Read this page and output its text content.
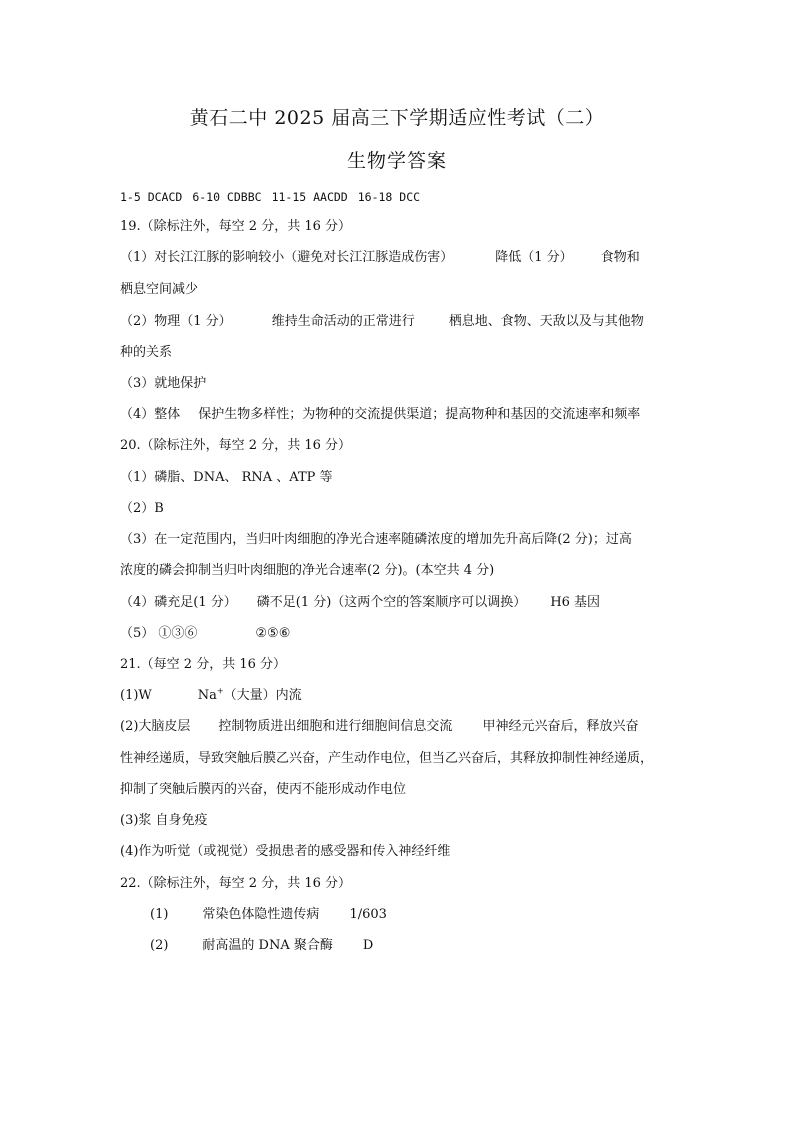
黄石二中 2025 届高三下学期适应性考试（二）
生物学答案
1-5 DCACD 6-10 CDBBC 11-15 AACDD 16-18 DCC
19.（除标注外，每空 2 分，共 16 分）
（1）对长江江豚的影响较小（避免对长江江豚造成伤害）	降低（1 分） 食物和
栖息空间减少
（2）物理（1 分）	维持生命活动的正常进行	栖息地、食物、天敌以及与其他物
种的关系
（3）就地保护
（4）整体 保护生物多样性；为物种的交流提供渠道；提高物种和基因的交流速率和频率
20.（除标注外，每空 2 分，共 16 分）
（1）磷脂、DNA、 RNA 、ATP 等
（2）B
（3）在一定范围内，当归叶肉细胞的净光合速率随磷浓度的增加先升高后降(2 分)；过高
浓度的磷会抑制当归叶肉细胞的净光合速率(2 分)。(本空共 4 分)
（4）磷充足(1 分） 磷不足(1 分)（这两个空的答案顺序可以调换） H6 基因
（5） ①③⑥	②⑤⑥
21.（每空 2 分，共 16 分）
(1)W	Na+（大量）内流
(2)大脑皮层 控制物质进出细胞和进行细胞间信息交流 甲神经元兴奋后，释放兴奋
性神经递质，导致突触后膜乙兴奋，产生动作电位，但当乙兴奋后，其释放抑制性神经递质，
抑制了突触后膜丙的兴奋，使丙不能形成动作电位
(3)浆 自身免疫
(4)作为听觉（或视觉）受损患者的感受器和传入神经纤维
22.（除标注外，每空 2 分，共 16 分）
(1)	常染色体隐性遗传病 1/603
(2)	耐高温的 DNA 聚合酶 D
